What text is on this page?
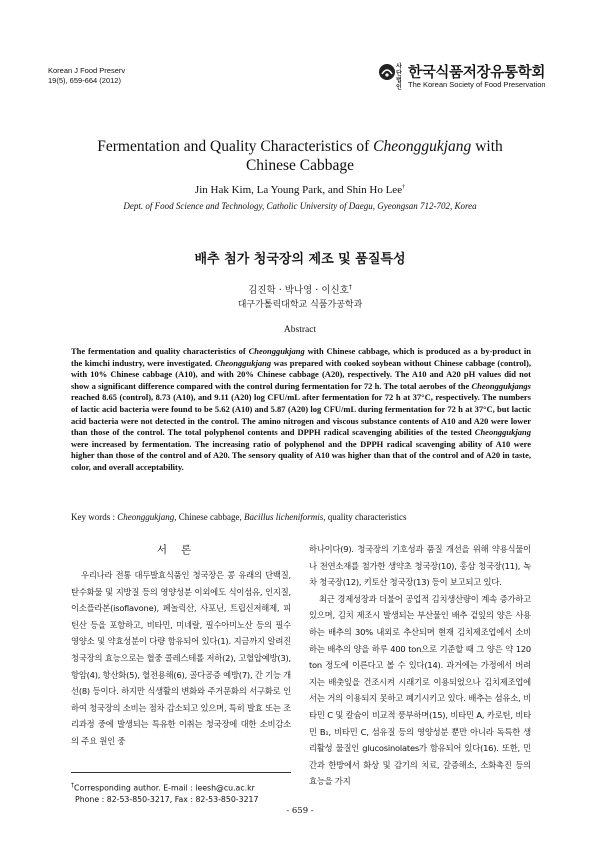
Korean J Food Preserv
19(5), 659-664 (2012)
사단 법인
한국식품저장유통학회
The Korean Society of Food Preservation
Fermentation and Quality Characteristics of Cheonggukjang with
Chinese Cabbage
Jin Hak Kim, La Young Park, and Shin Ho Lee†
Dept. of Food Science and Technology, Catholic University of Daegu, Gyeongsan 712-702, Korea
배추 첨가 청국장의 제조 및 품질특성
김진학 · 박나영 · 이신호†
대구가톨릭대학교 식품가공학과
Abstract
The fermentation and quality characteristics of Cheonggukjang with Chinese cabbage, which is produced as a by-product in the kimchi industry, were investigated. Cheonggukjang was prepared with cooked soybean without Chinese cabbage (control), with 10% Chinese cabbage (A10), and with 20% Chinese cabbage (A20), respectively. The A10 and A20 pH values did not show a significant difference compared with the control during fermentation for 72 h. The total aerobes of the Cheonggukjangs reached 8.65 (control), 8.73 (A10), and 9.11 (A20) log CFU/mL after fermentation for 72 h at 37°C, respectively. The numbers of lactic acid bacteria were found to be 5.62 (A10) and 5.87 (A20) log CFU/mL during fermentation for 72 h at 37°C, but lactic acid bacteria were not detected in the control. The amino nitrogen and viscous substance contents of A10 and A20 were lower than those of the control. The total polyphenol contents and DPPH radical scavenging abilities of the tested Cheonggukjang were increased by fermentation. The increasing ratio of polyphenol and the DPPH radical scavenging ability of A10 were higher than those of the control and of A20. The sensory quality of A10 was higher than that of the control and of A20 in taste, color, and overall acceptability.
Key words : Cheonggukjang, Chinese cabbage, Bacillus licheniformis, quality characteristics
서론

우리나라 전통 대두발효식품인 청국장은 콩 유래의 단백질, 탄수화물 및 지방질 등의 영양성분 이외에도 식이섬유, 인지질, 이소플라본(isoflavone), 페놀릭산, 사포닌, 트립신저해제, 피틴산 등을 포함하고, 비타민, 미네랄, 필수아미노산 등의 필수 영양소 및 약효성분이 다량 함유되어 있다(1). 지금까지 알려진 청국장의 효능으로는 혈중 콜레스테롤 저하(2), 고혈압예방(3), 항암(4), 항산화(5), 혈전용해(6), 골다공증 예방(7), 간 기능 개선(8) 등이다. 하지만 식생활의 변화와 주거문화의 서구화로 인하여 청국장의 소비는 점차 감소되고 있으며, 특히 발효 또는 조리과정 중에 발생되는 특유한 이취는 청국장에 대한 소비감소의 주요 원인 중

하나이다(9). 청국장의 기호성과 품질 개선을 위해 약용식물이나 천연소재를 첨가한 생약초 청국장(10), 홍삼 청국장(11), 녹차 청국장(12), 키토산 청국장(13) 등이 보고되고 있다.

최근 경제성장과 더불어 공업적 김치생산량이 계속 증가하고 있으며, 김치 제조시 발생되는 부산물인 배추 겉잎의 양은 사용하는 배추의 30% 내외로 추산되며 현재 김치제조업에서 소비하는 배추의 양을 하루 400 ton으로 기준할 때 그 양은 약 120 ton 정도에 이른다고 볼 수 있다(14). 과거에는 가정에서 버려지는 배춧잎을 건조시켜 시래기로 이용되었으나 김치제조업에서는 거의 이용되지 못하고 폐기시키고 있다. 배추는 섬유소, 비타민 C 및 칼슘이 비교적 풍부하며(15), 비타민 A, 카로틴, 비타민 B₁, 비타민 C, 섬유질 등의 영양성분 뿐만 아니라 독특한 생리활성 물질인 glucosinolates가 함유되어 있다(16). 또한, 민간과 한방에서 화상 및 감기의 치료, 갈증해소, 소화촉진 등의 효능을 가지

†Corresponding author. E-mail : leesh@cu.ac.kr
Phone : 82-53-850-3217, Fax : 82-53-850-3217
- 659 -
